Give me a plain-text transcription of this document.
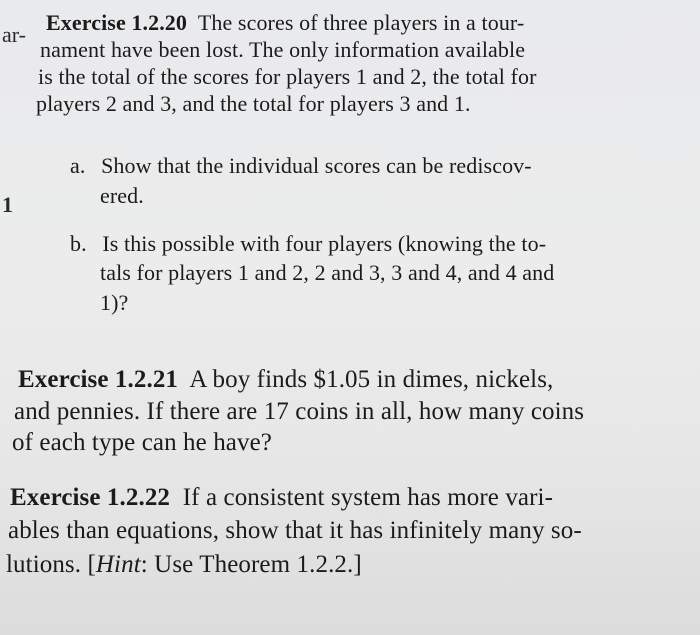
ar-
1
Exercise 1.2.20 The scores of three players in a tour-
nament have been lost. The only information available
is the total of the scores for players 1 and 2, the total for
players 2 and 3, and the total for players 3 and 1.
a. Show that the individual scores can be rediscov-
ered.
b. Is this possible with four players (knowing the to-
tals for players 1 and 2, 2 and 3, 3 and 4, and 4 and
1)?
Exercise 1.2.21 A boy finds $1.05 in dimes, nickels,
and pennies. If there are 17 coins in all, how many coins
of each type can he have?
Exercise 1.2.22 If a consistent system has more vari-
ables than equations, show that it has infinitely many so-
lutions. [Hint: Use Theorem 1.2.2.]
